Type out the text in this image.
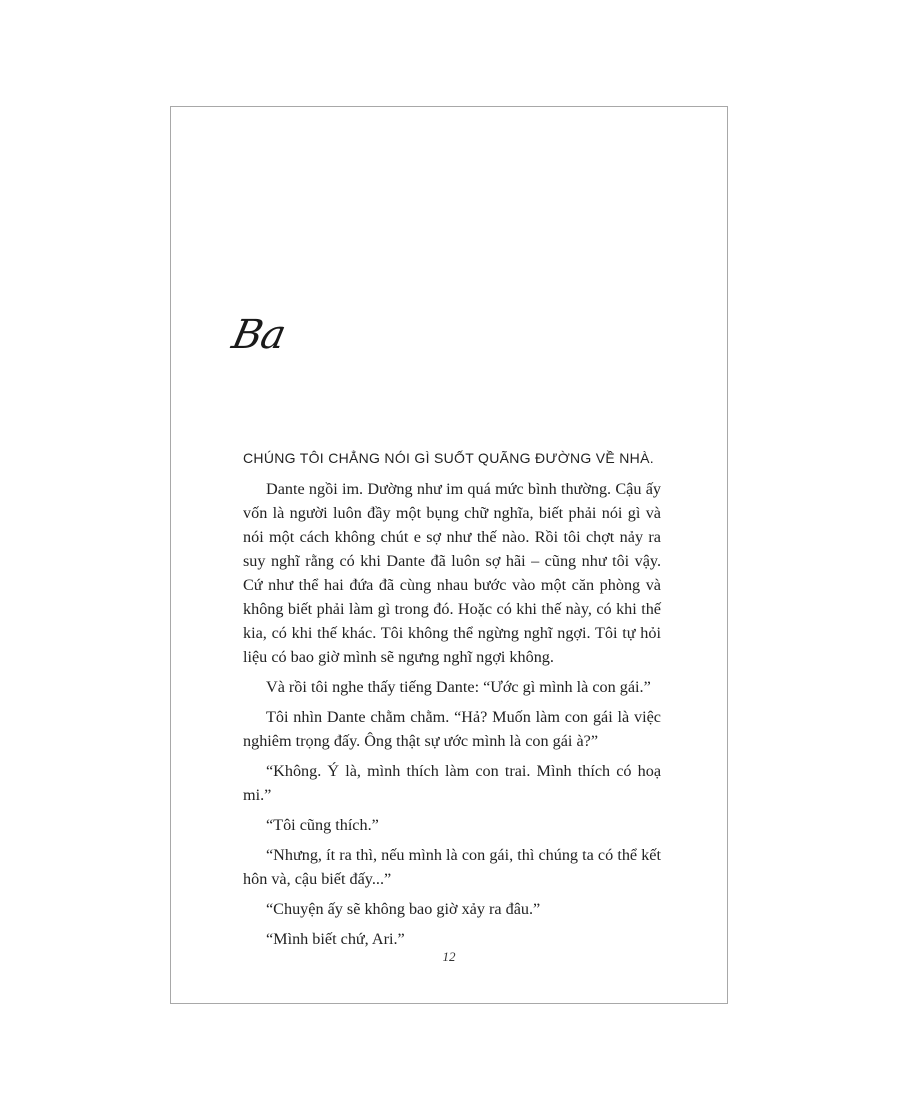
Ba
CHÚNG TÔI CHẲNG NÓI GÌ SUỐT QUÃNG ĐƯỜNG VỀ NHÀ.

Dante ngồi im. Dường như im quá mức bình thường. Cậu ấy vốn là người luôn đầy một bụng chữ nghĩa, biết phải nói gì và nói một cách không chút e sợ như thế nào. Rồi tôi chợt nảy ra suy nghĩ rằng có khi Dante đã luôn sợ hãi – cũng như tôi vậy. Cứ như thể hai đứa đã cùng nhau bước vào một căn phòng và không biết phải làm gì trong đó. Hoặc có khi thế này, có khi thế kia, có khi thế khác. Tôi không thể ngừng nghĩ ngợi. Tôi tự hỏi liệu có bao giờ mình sẽ ngưng nghĩ ngợi không.

Và rồi tôi nghe thấy tiếng Dante: “Ước gì mình là con gái.”

Tôi nhìn Dante chằm chằm. “Hả? Muốn làm con gái là việc nghiêm trọng đấy. Ông thật sự ước mình là con gái à?”

“Không. Ý là, mình thích làm con trai. Mình thích có hoạ mi.”

“Tôi cũng thích.”

“Nhưng, ít ra thì, nếu mình là con gái, thì chúng ta có thể kết hôn và, cậu biết đấy...”

“Chuyện ấy sẽ không bao giờ xảy ra đâu.”

“Mình biết chứ, Ari.”

12
